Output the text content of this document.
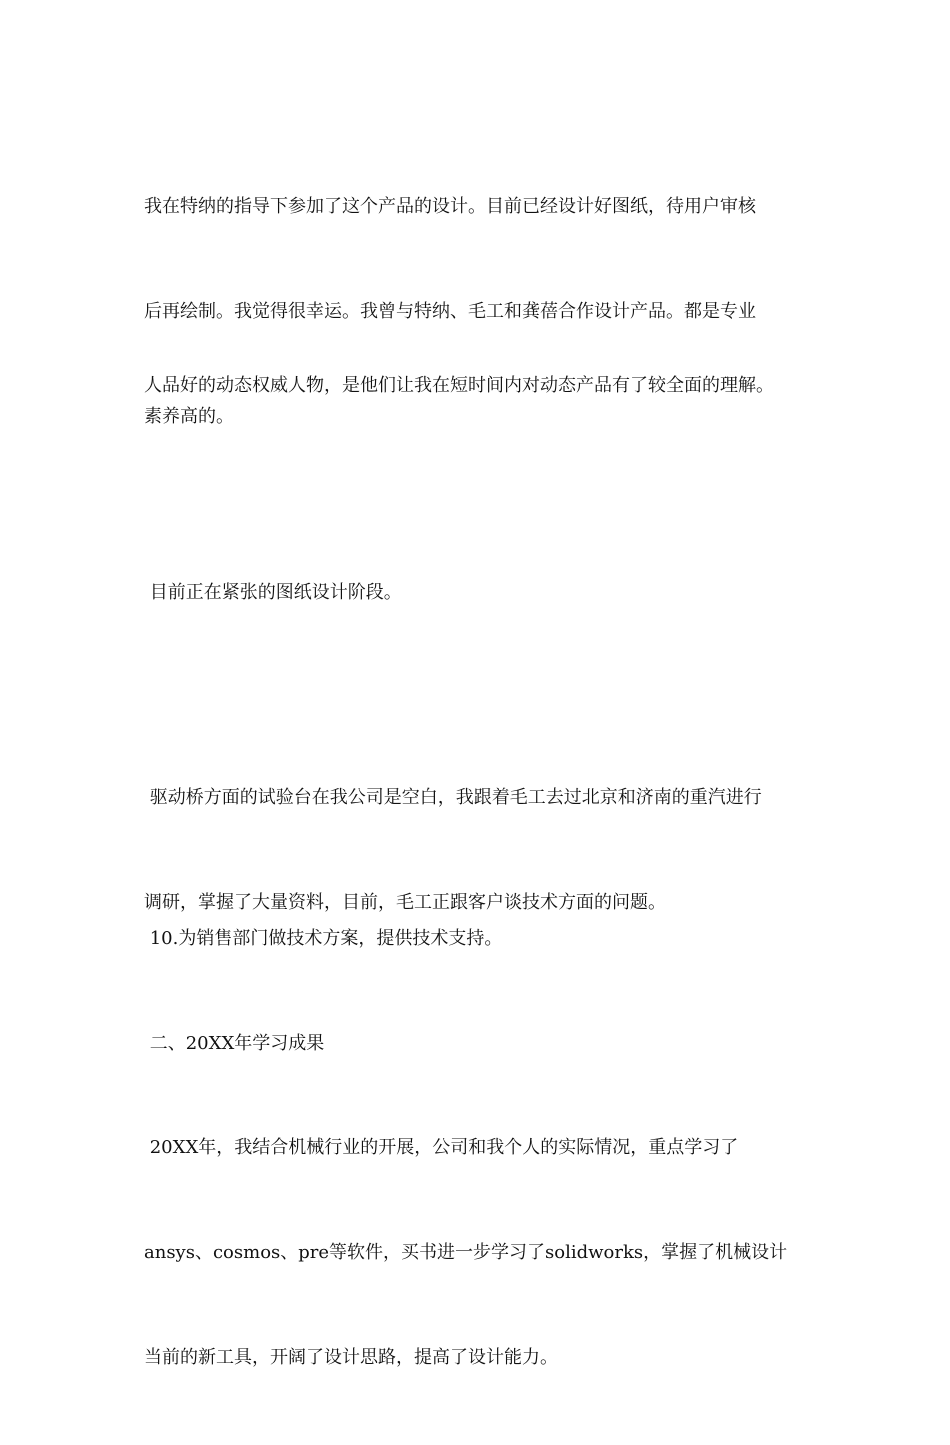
我在特纳的指导下参加了这个产品的设计。目前已经设计好图纸，待用户审核

后再绘制。我觉得很幸运。我曾与特纳、毛工和龚蓓合作设计产品。都是专业

素养高的。

人品好的动态权威人物，是他们让我在短时间内对动态产品有了较全面的理解。

目前正在紧张的图纸设计阶段。

驱动桥方面的试验台在我公司是空白，我跟着毛工去过北京和济南的重汽进行

调研，掌握了大量资料，目前，毛工正跟客户谈技术方面的问题。

10.为销售部门做技术方案，提供技术支持。

二、20XX年学习成果

20XX年，我结合机械行业的开展，公司和我个人的实际情况，重点学习了

ansys、cosmos、pre等软件，买书进一步学习了solidworks，掌握了机械设计

当前的新工具，开阔了设计思路，提高了设计能力。
